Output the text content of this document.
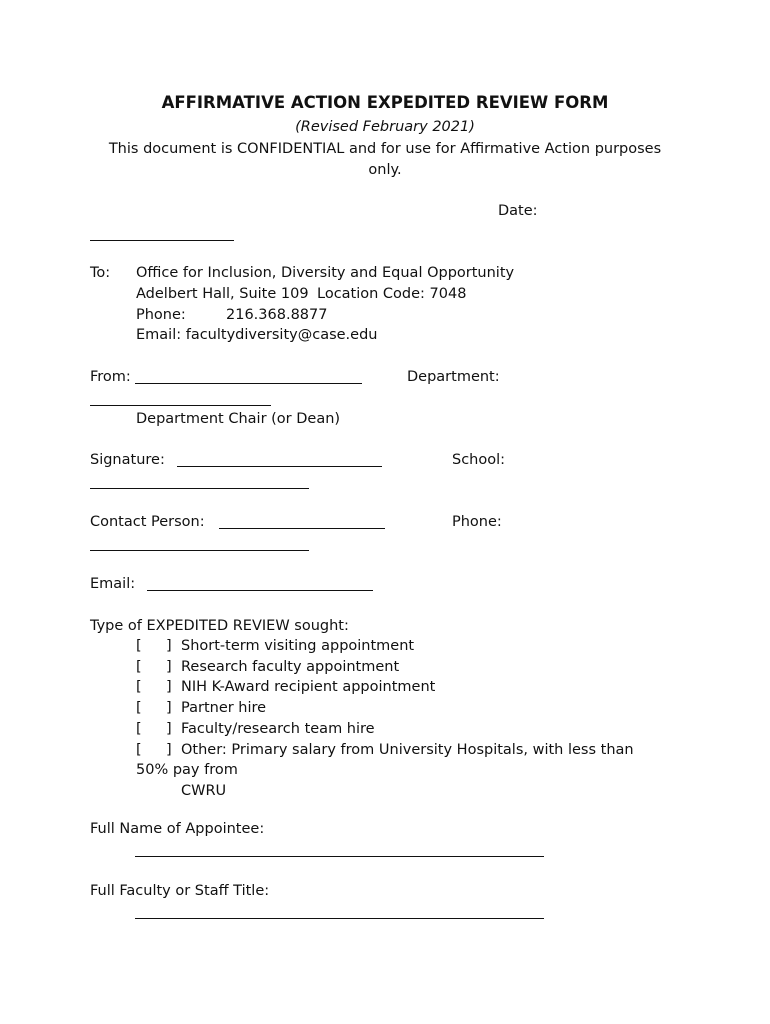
AFFIRMATIVE ACTION EXPEDITED REVIEW FORM
(Revised February 2021)
This document is CONFIDENTIAL and for use for Affirmative Action purposes
only.
Date:
To: Office for Inclusion, Diversity and Equal Opportunity
Adelbert Hall, Suite 109 Location Code: 7048
Phone:	216.368.8877
Email: facultydiversity@case.edu
From:	Department:
Department Chair (or Dean)
Signature:	School:
Contact Person:	Phone:
Email:
Type of EXPEDITED REVIEW sought:
[ ] Short-term visiting appointment
[ ] Research faculty appointment
[ ] NIH K-Award recipient appointment
[ ] Partner hire
[ ] Faculty/research team hire
[ ] Other: Primary salary from University Hospitals, with less than
50% pay from
CWRU
Full Name of Appointee:
Full Faculty or Staff Title:
